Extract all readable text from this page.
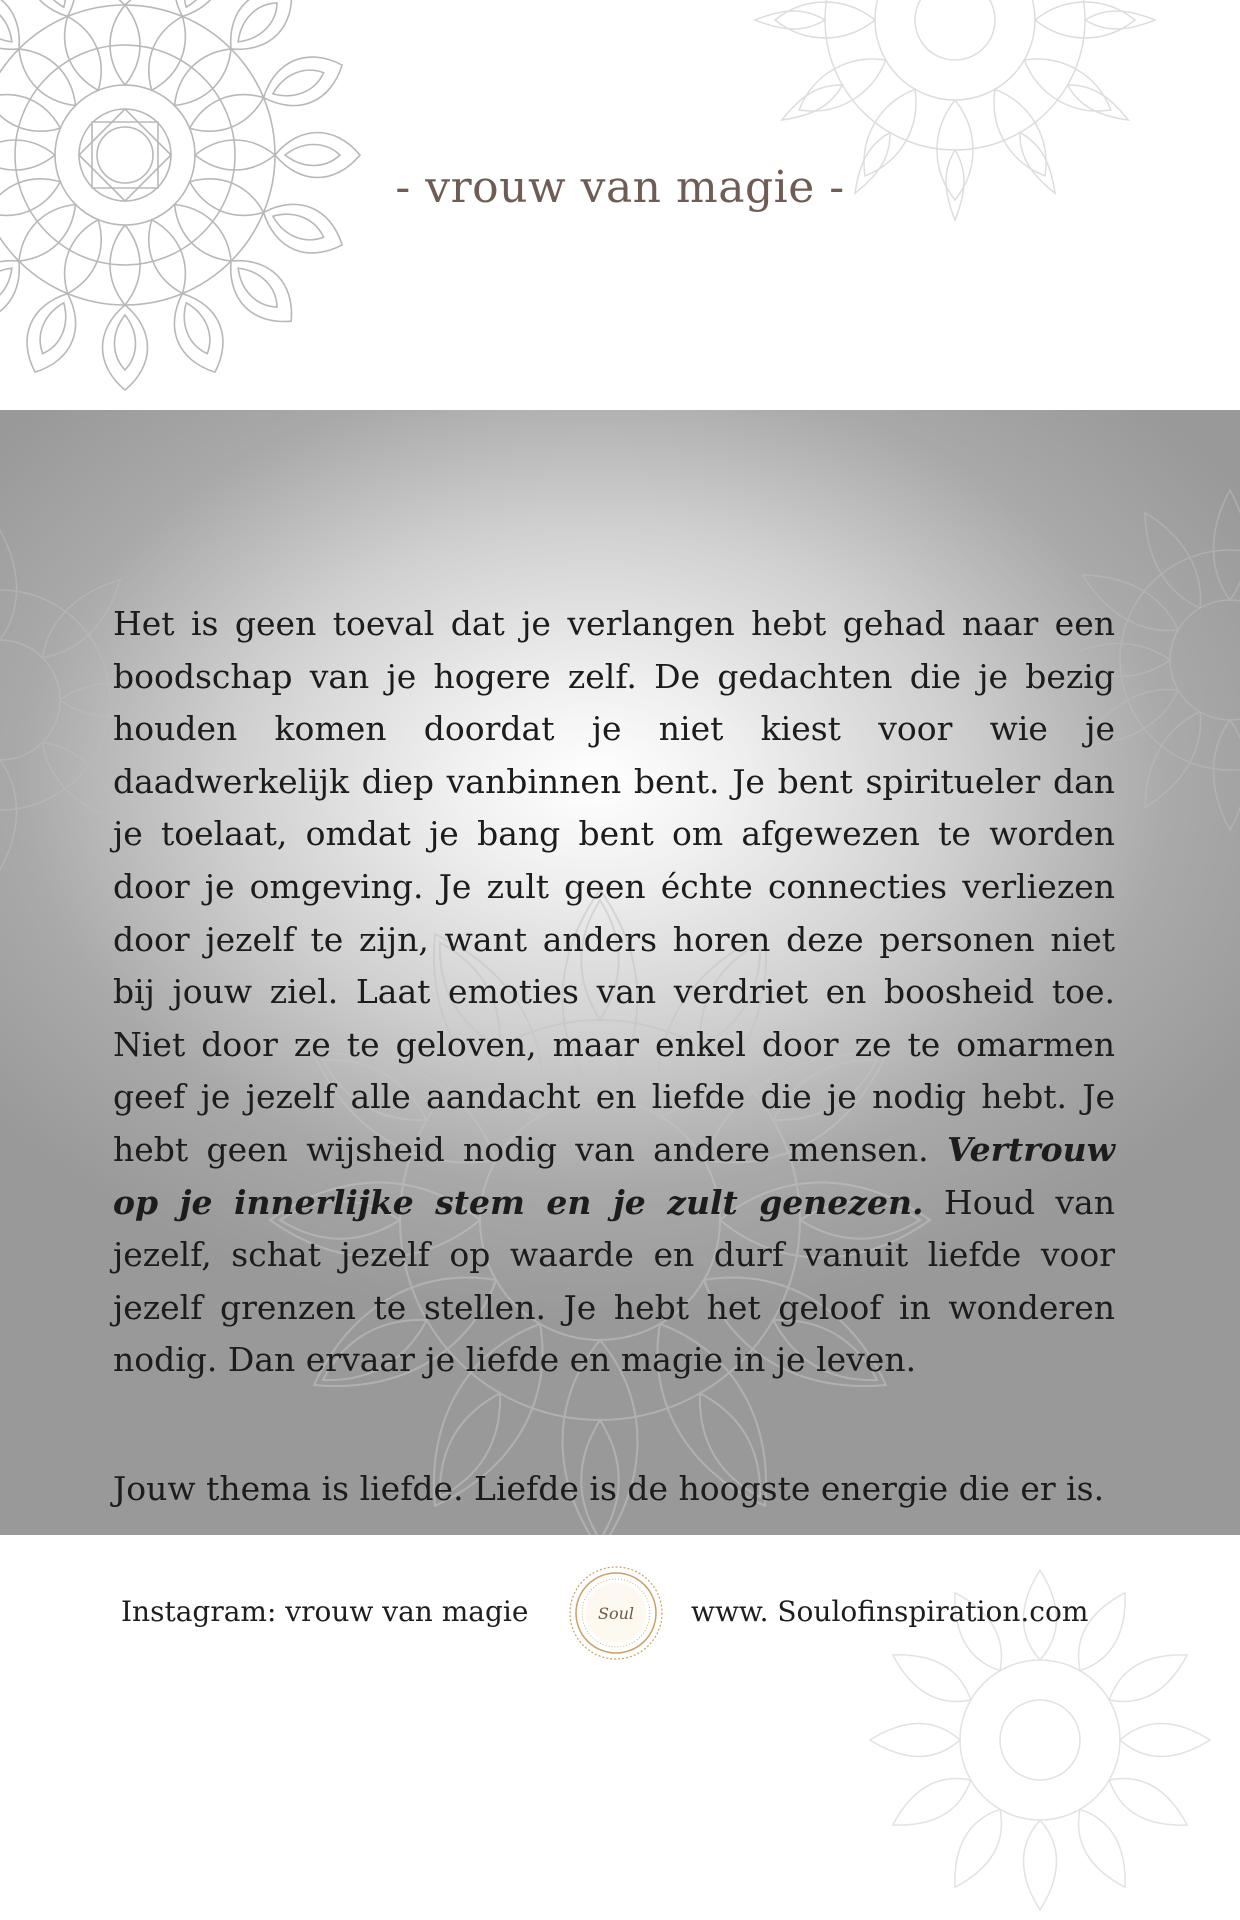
- vrouw van magie -

Het is geen toeval dat je verlangen hebt gehad naar een boodschap van je hogere zelf. De gedachten die je bezig houden komen doordat je niet kiest voor wie je daadwerkelijk diep vanbinnen bent. Je bent spiritueler dan je toelaat, omdat je bang bent om afgewezen te worden door je omgeving. Je zult geen échte connecties verliezen door jezelf te zijn, want anders horen deze personen niet bij jouw ziel. Laat emoties van verdriet en boosheid toe. Niet door ze te geloven, maar enkel door ze te omarmen geef je jezelf alle aandacht en liefde die je nodig hebt. Je hebt geen wijsheid nodig van andere mensen. Vertrouw op je innerlijke stem en je zult genezen. Houd van jezelf, schat jezelf op waarde en durf vanuit liefde voor jezelf grenzen te stellen. Je hebt het geloof in wonderen nodig. Dan ervaar je liefde en magie in je leven.

Jouw thema is liefde. Liefde is de hoogste energie die er is.

Instagram: vrouw van magie	Soul www. Soulofinspiration.com
